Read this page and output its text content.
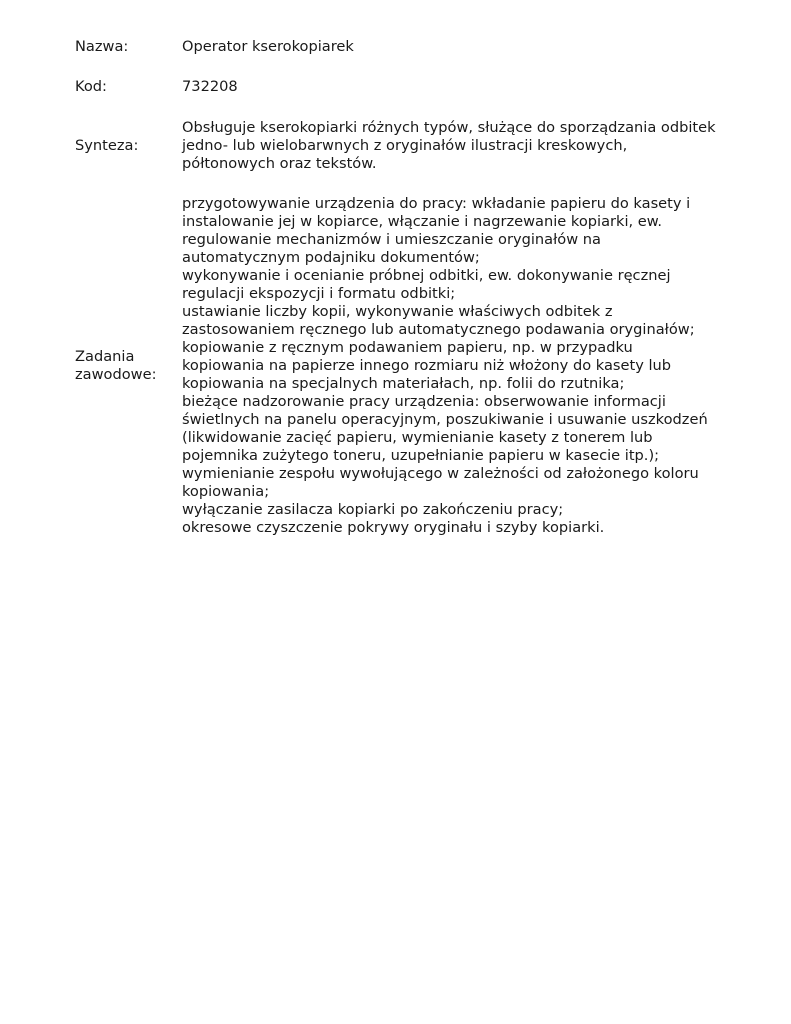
Nazwa:	Operator kserokopiarek
Kod:	732208
Synteza:
Obsługuje kserokopiarki różnych typów, służące do sporządzania odbitek
jedno- lub wielobarwnych z oryginałów ilustracji kreskowych,
półtonowych oraz tekstów.
Zadania
zawodowe:
przygotowywanie urządzenia do pracy: wkładanie papieru do kasety i
instalowanie jej w kopiarce, włączanie i nagrzewanie kopiarki, ew.
regulowanie mechanizmów i umieszczanie oryginałów na
automatycznym podajniku dokumentów;
wykonywanie i ocenianie próbnej odbitki, ew. dokonywanie ręcznej
regulacji ekspozycji i formatu odbitki;
ustawianie liczby kopii, wykonywanie właściwych odbitek z
zastosowaniem ręcznego lub automatycznego podawania oryginałów;
kopiowanie z ręcznym podawaniem papieru, np. w przypadku
kopiowania na papierze innego rozmiaru niż włożony do kasety lub
kopiowania na specjalnych materiałach, np. folii do rzutnika;
bieżące nadzorowanie pracy urządzenia: obserwowanie informacji
świetlnych na panelu operacyjnym, poszukiwanie i usuwanie uszkodzeń
(likwidowanie zacięć papieru, wymienianie kasety z tonerem lub
pojemnika zużytego toneru, uzupełnianie papieru w kasecie itp.);
wymienianie zespołu wywołującego w zależności od założonego koloru
kopiowania;
wyłączanie zasilacza kopiarki po zakończeniu pracy;
okresowe czyszczenie pokrywy oryginału i szyby kopiarki.
